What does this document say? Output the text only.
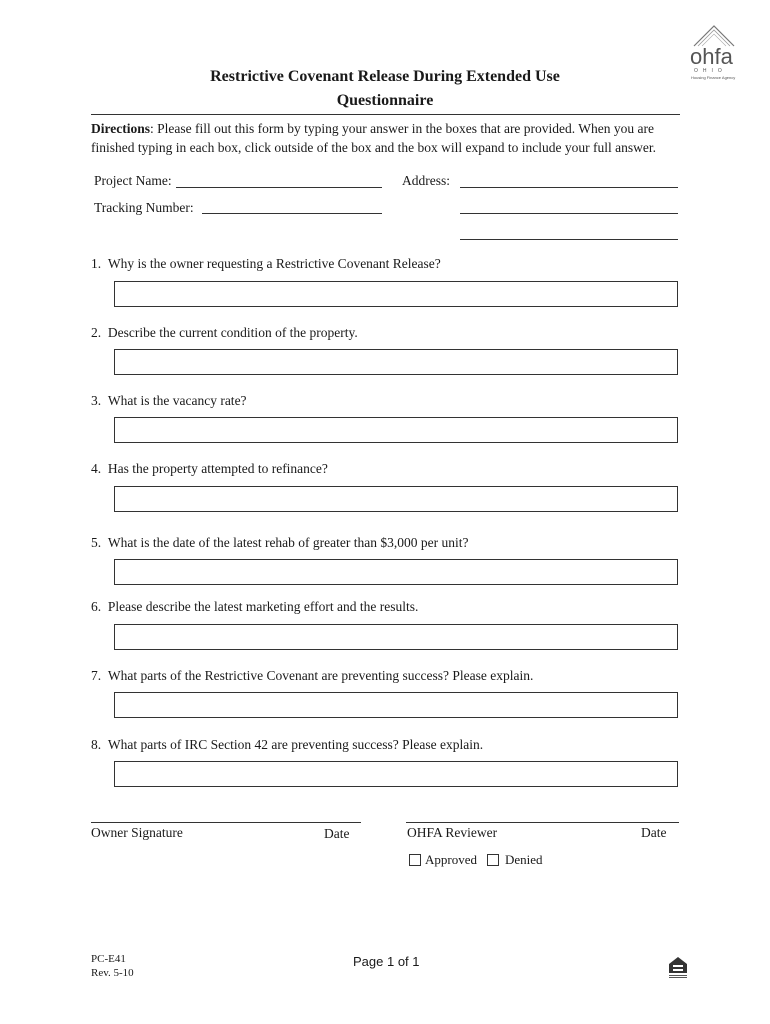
ohfa
OHIO
Housing Finance Agency
Restrictive Covenant Release During Extended Use
Questionnaire
Directions: Please fill out this form by typing your answer in the boxes that are provided. When you are finished typing in each box, click outside of the box and the box will expand to include your full answer.
Project Name:
Tracking Number:
Address:
1. Why is the owner requesting a Restrictive Covenant Release?
2. Describe the current condition of the property.
3. What is the vacancy rate?
4. Has the property attempted to refinance?
5. What is the date of the latest rehab of greater than $3,000 per unit?
6. Please describe the latest marketing effort and the results.
7. What parts of the Restrictive Covenant are preventing success? Please explain.
8. What parts of IRC Section 42 are preventing success? Please explain.
Owner Signature	Date	OHFA Reviewer	Date
Approved Denied
PC-E41
Rev. 5-10
Page 1 of 1
